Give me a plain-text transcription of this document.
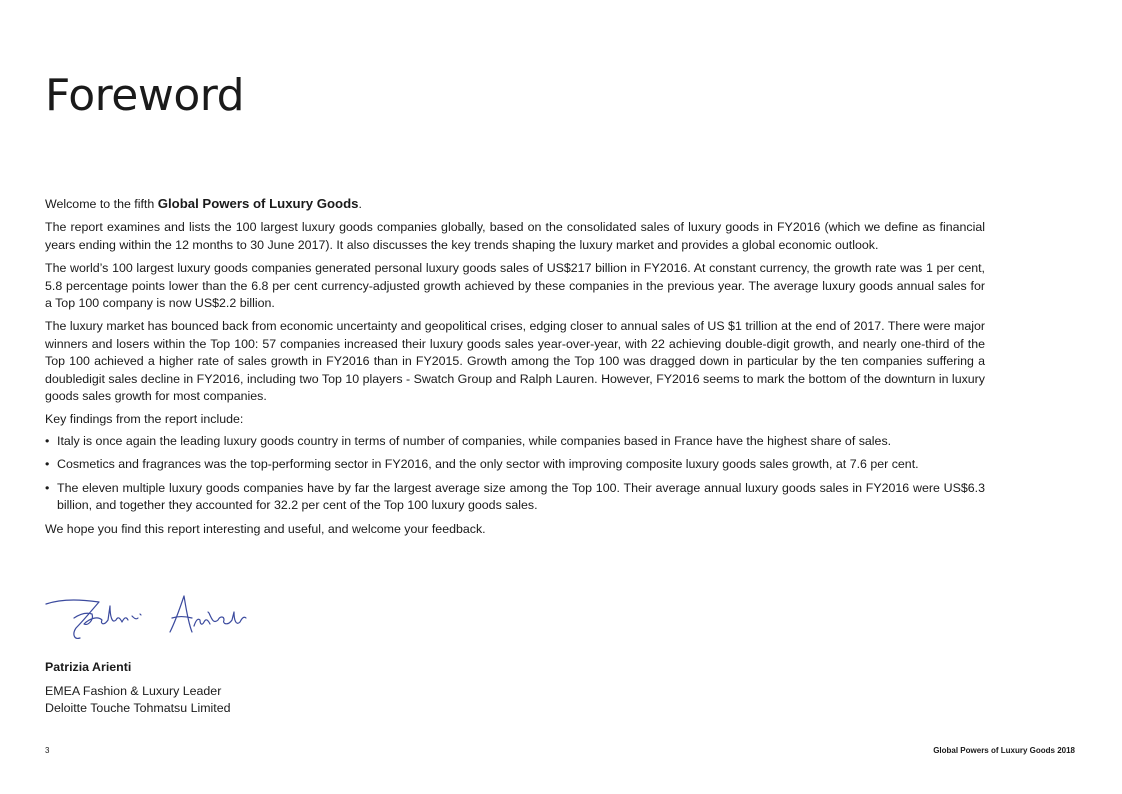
Foreword

Welcome to the fifth Global Powers of Luxury Goods.

The report examines and lists the 100 largest luxury goods companies globally, based on the consolidated sales of luxury goods in FY2016 (which we define as financial years ending within the 12 months to 30 June 2017). It also discusses the key trends shaping the luxury market and provides a global economic outlook.

The world’s 100 largest luxury goods companies generated personal luxury goods sales of US$217 billion in FY2016. At constant currency, the growth rate was 1 per cent, 5.8 percentage points lower than the 6.8 per cent currency-adjusted growth achieved by these companies in the previous year. The average luxury goods annual sales for a Top 100 company is now US$2.2 billion.

The luxury market has bounced back from economic uncertainty and geopolitical crises, edging closer to annual sales of US $1 trillion at the end of 2017. There were major winners and losers within the Top 100: 57 companies increased their luxury goods sales year-over-year, with 22 achieving double-digit growth, and nearly one-third of the Top 100 achieved a higher rate of sales growth in FY2016 than in FY2015. Growth among the Top 100 was dragged down in particular by the ten companies suffering a doubledigit sales decline in FY2016, including two Top 10 players - Swatch Group and Ralph Lauren. However, FY2016 seems to mark the bottom of the downturn in luxury goods sales growth for most companies.

Key findings from the report include:

• Italy is once again the leading luxury goods country in terms of number of companies, while companies based in France have the highest share of sales.
• Cosmetics and fragrances was the top-performing sector in FY2016, and the only sector with improving composite luxury goods sales growth, at 7.6 per cent.
• The eleven multiple luxury goods companies have by far the largest average size among the Top 100. Their average annual luxury goods sales in FY2016 were US$6.3 billion, and together they accounted for 32.2 per cent of the Top 100 luxury goods sales.

We hope you find this report interesting and useful, and welcome your feedback.

Patrizia Arienti
EMEA Fashion & Luxury Leader
Deloitte Touche Tohmatsu Limited
3	Global Powers of Luxury Goods 2018
